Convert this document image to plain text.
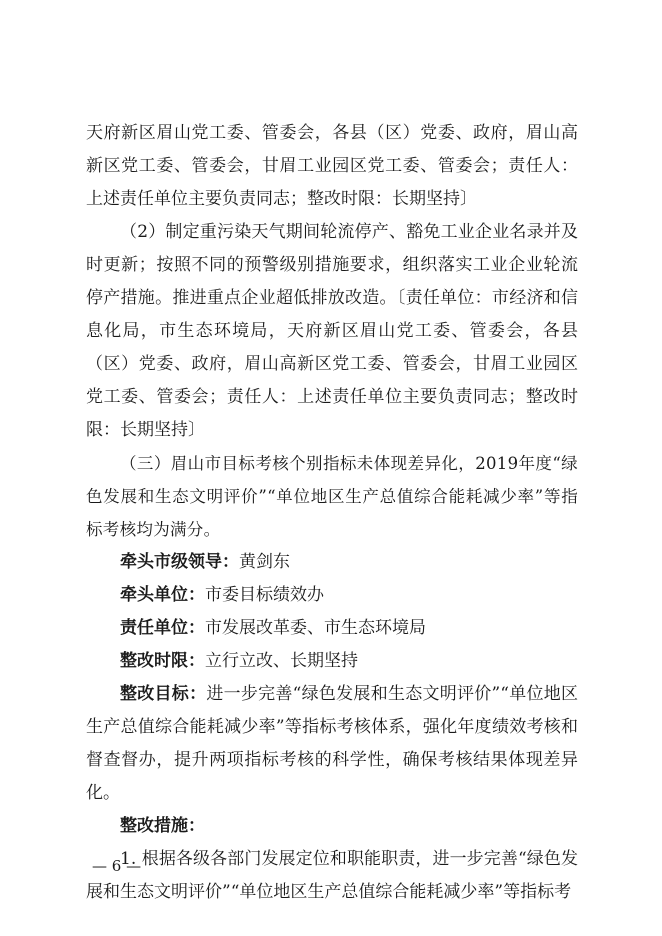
天府新区眉山党工委、管委会，各县（区）党委、政府，眉山高新区党工委、管委会，甘眉工业园区党工委、管委会；责任人：上述责任单位主要负责同志；整改时限：长期坚持〕

（2）制定重污染天气期间轮流停产、豁免工业企业名录并及时更新；按照不同的预警级别措施要求，组织落实工业企业轮流停产措施。推进重点企业超低排放改造。〔责任单位：市经济和信息化局，市生态环境局，天府新区眉山党工委、管委会，各县（区）党委、政府，眉山高新区党工委、管委会，甘眉工业园区党工委、管委会；责任人：上述责任单位主要负责同志；整改时限：长期坚持〕

（三）眉山市目标考核个别指标未体现差异化，2019年度“绿色发展和生态文明评价”“单位地区生产总值综合能耗减少率”等指标考核均为满分。

牵头市级领导：黄剑东

牵头单位：市委目标绩效办

责任单位：市发展改革委、市生态环境局

整改时限：立行立改、长期坚持

整改目标：进一步完善“绿色发展和生态文明评价”“单位地区生产总值综合能耗减少率”等指标考核体系，强化年度绩效考核和督查督办，提升两项指标考核的科学性，确保考核结果体现差异化。

整改措施：

1. 根据各级各部门发展定位和职能职责，进一步完善“绿色发展和生态文明评价”“单位地区生产总值综合能耗减少率”等指标考

— 6 —
